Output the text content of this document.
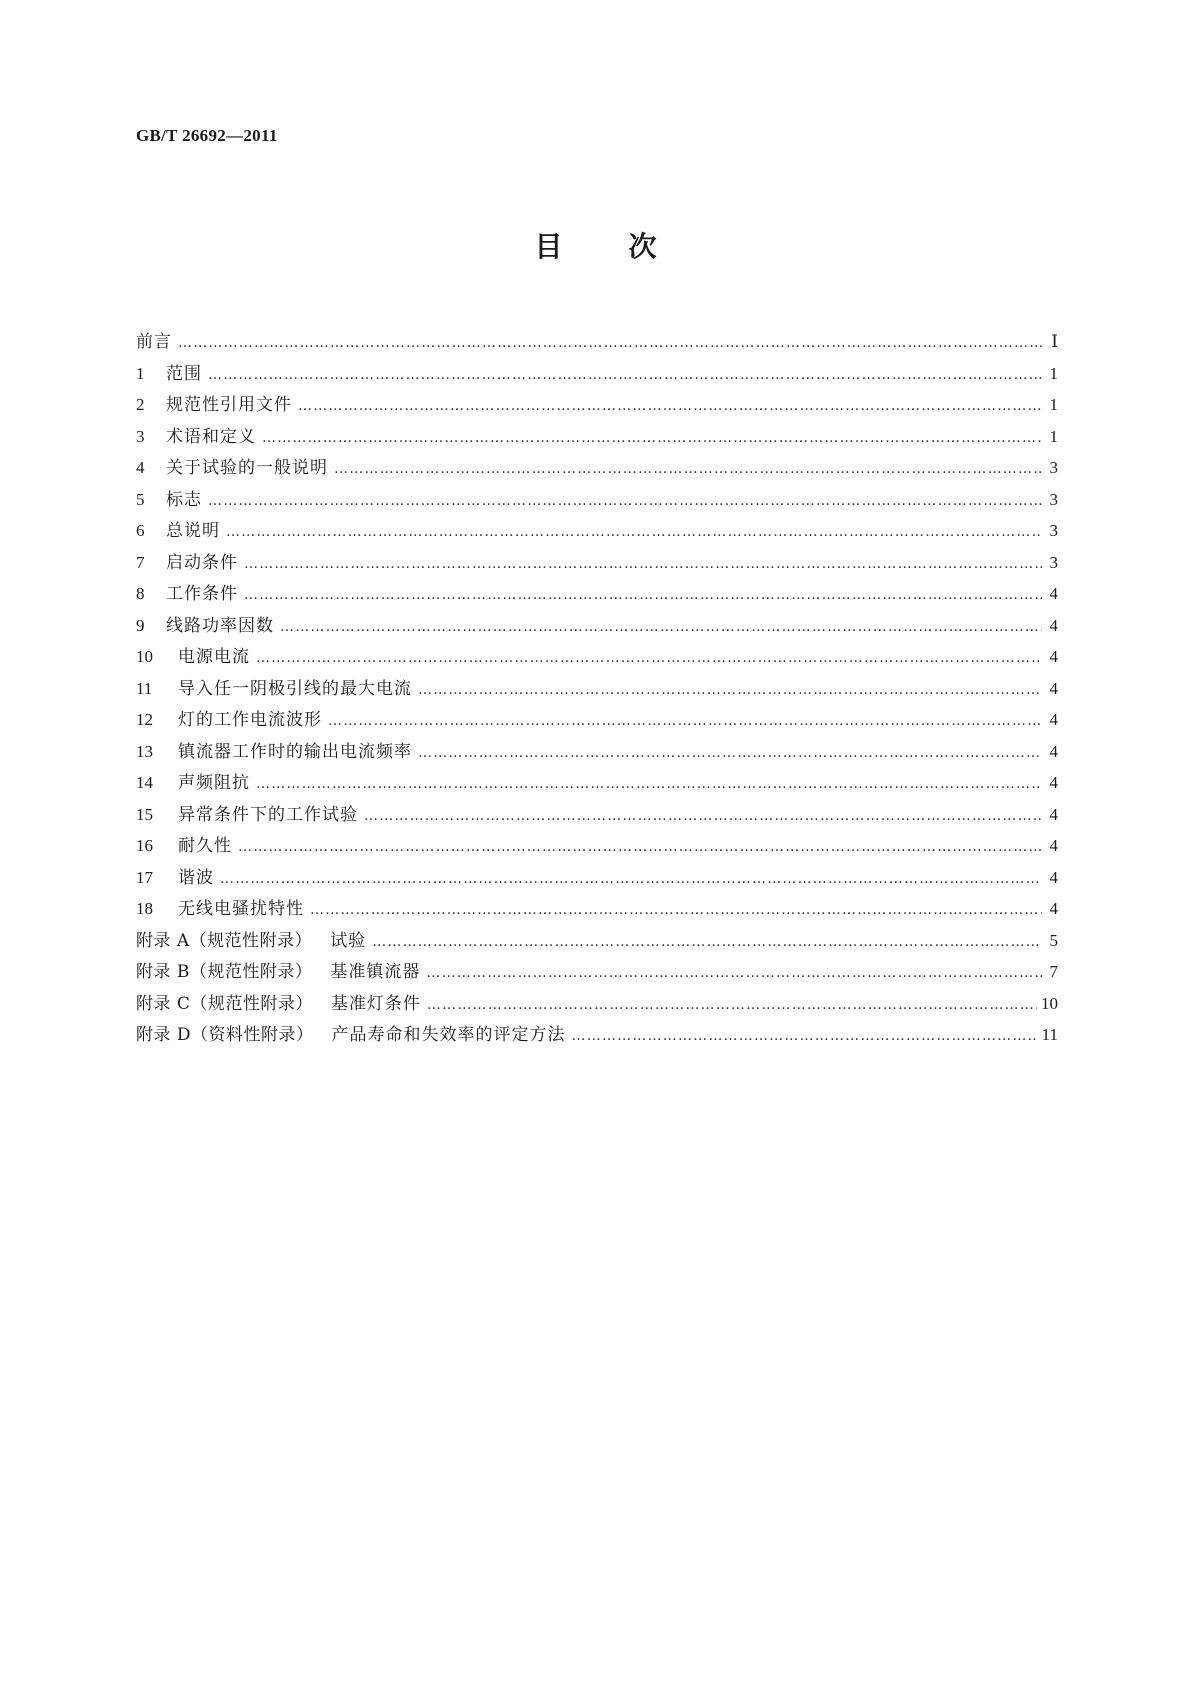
GB/T 26692—2011
目次
前言 ……………………………………………………………………………………………………………………………………………………………………………………………………………	Ⅰ
1	范围 ……………………………………………………………………………………………………………………………………………………………………………………………………………	1
2	规范性引用文件 ……………………………………………………………………………………………………………………………………………………………………………………………………………	1
3	术语和定义 ……………………………………………………………………………………………………………………………………………………………………………………………………………	1
4	关于试验的一般说明 ……………………………………………………………………………………………………………………………………………………………………………………………………………	3
5	标志 ……………………………………………………………………………………………………………………………………………………………………………………………………………	3
6	总说明 ……………………………………………………………………………………………………………………………………………………………………………………………………………	3
7	启动条件 ……………………………………………………………………………………………………………………………………………………………………………………………………………	3
8	工作条件 ……………………………………………………………………………………………………………………………………………………………………………………………………………	4
9	线路功率因数 ……………………………………………………………………………………………………………………………………………………………………………………………………………	4
10	电源电流 ……………………………………………………………………………………………………………………………………………………………………………………………………………	4
11	导入任一阴极引线的最大电流 ……………………………………………………………………………………………………………………………………………………………………………………………………………	4
12	灯的工作电流波形 ……………………………………………………………………………………………………………………………………………………………………………………………………………	4
13	镇流器工作时的输出电流频率 ……………………………………………………………………………………………………………………………………………………………………………………………………………	4
14	声频阻抗 ……………………………………………………………………………………………………………………………………………………………………………………………………………	4
15	异常条件下的工作试验 ……………………………………………………………………………………………………………………………………………………………………………………………………………	4
16	耐久性 ……………………………………………………………………………………………………………………………………………………………………………………………………………	4
17	谐波 ……………………………………………………………………………………………………………………………………………………………………………………………………………	4
18	无线电骚扰特性 ……………………………………………………………………………………………………………………………………………………………………………………………………………	4
附录 A（规范性附录） 试验 ……………………………………………………………………………………………………………………………………………………………………………………………………………	5
附录 B（规范性附录） 基准镇流器 ……………………………………………………………………………………………………………………………………………………………………………………………………………	7
附录 C（规范性附录） 基准灯条件 ……………………………………………………………………………………………………………………………………………………………………………………………………………	10
附录 D（资料性附录） 产品寿命和失效率的评定方法 ……………………………………………………………………………………………………………………………………………………………………………………………………………	11
